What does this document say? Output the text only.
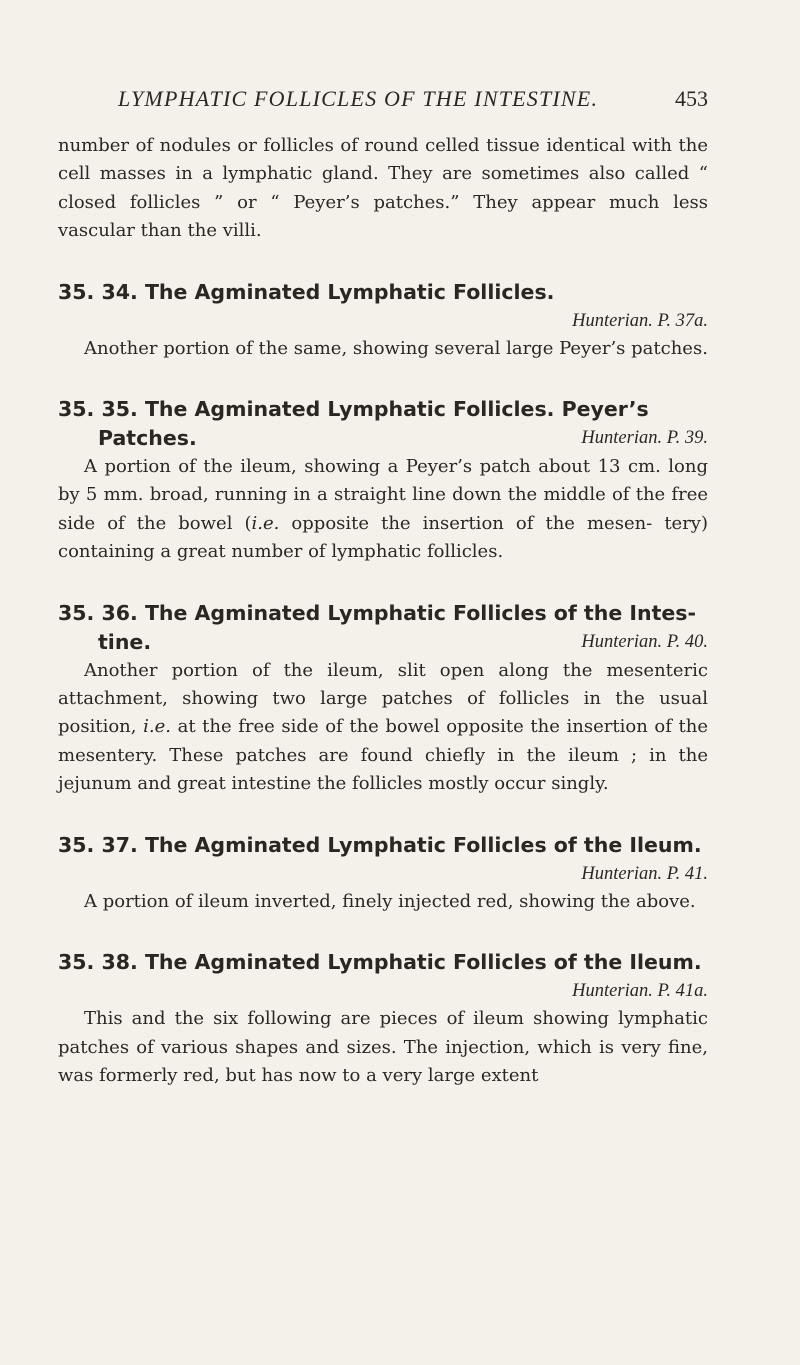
LYMPHATIC FOLLICLES OF THE INTESTINE.	453

number of nodules or follicles of round celled tissue identical with the cell masses in a lymphatic gland. They are sometimes also called “ closed follicles ” or “ Peyer’s patches.” They appear much less vascular than the villi.

35. 34. The Agminated Lymphatic Follicles.
Hunterian. P. 37a.

Another portion of the same, showing several large Peyer’s patches.

35. 35. The Agminated Lymphatic Follicles. Peyer’s
Patches.	Hunterian. P. 39.

A portion of the ileum, showing a Peyer’s patch about 13 cm. long by 5 mm. broad, running in a straight line down the middle of the free side of the bowel (i.e. opposite the insertion of the mesen- tery) containing a great number of lymphatic follicles.

35. 36. The Agminated Lymphatic Follicles of the Intes-
tine.	Hunterian. P. 40.

Another portion of the ileum, slit open along the mesenteric attachment, showing two large patches of follicles in the usual position, i.e. at the free side of the bowel opposite the insertion of the mesentery. These patches are found chiefly in the ileum ; in the jejunum and great intestine the follicles mostly occur singly.

35. 37. The Agminated Lymphatic Follicles of the Ileum.
Hunterian. P. 41.

A portion of ileum inverted, finely injected red, showing the above.

35. 38. The Agminated Lymphatic Follicles of the Ileum.
Hunterian. P. 41a.

This and the six following are pieces of ileum showing lymphatic patches of various shapes and sizes. The injection, which is very fine, was formerly red, but has now to a very large extent
